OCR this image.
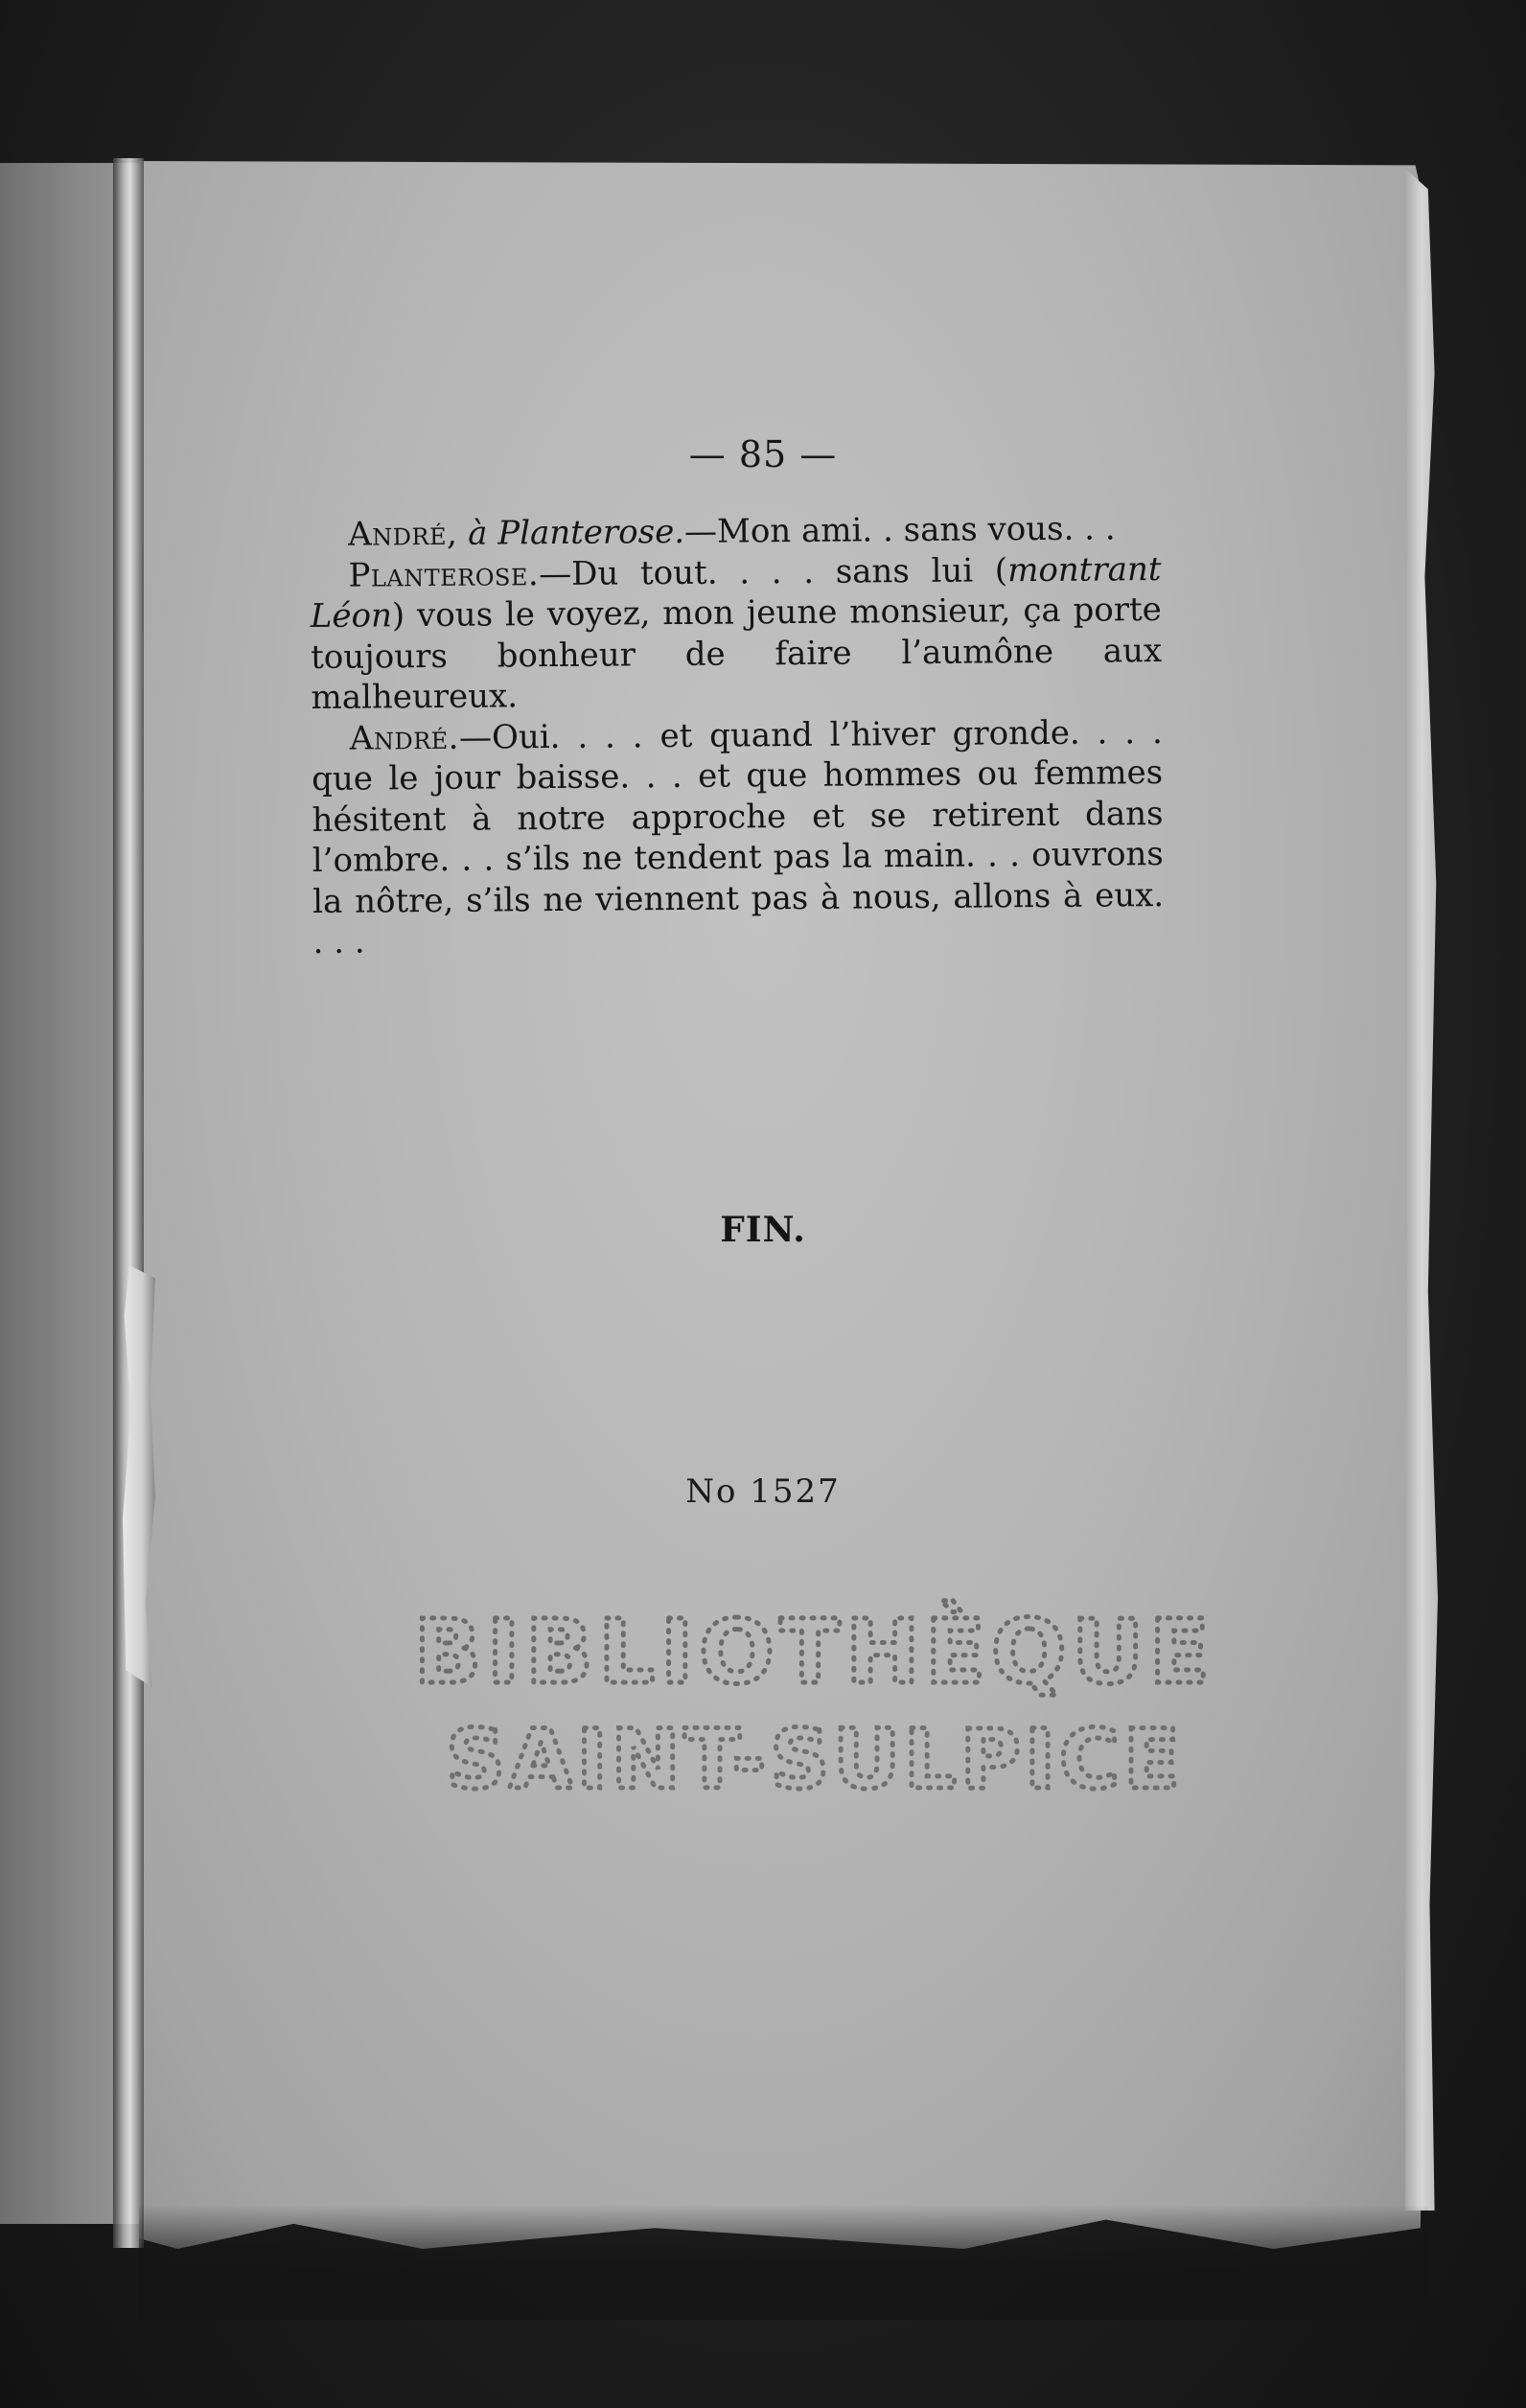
— 85 —

André, à Planterose.—Mon ami. . sans vous. . .

Planterose.—Du tout. . . . sans lui (montrant Léon) vous le voyez, mon jeune monsieur, ça porte toujours bonheur de faire l’aumône aux malheureux.

André.—Oui. . . . et quand l’hiver gronde. . . . que le jour baisse. . . et que hommes ou femmes hésitent à notre approche et se retirent dans l’ombre. . . s’ils ne tendent pas la main. . . ouvrons la nôtre, s’ils ne viennent pas à nous, allons à eux. . . .

FIN.
No 1527
BIBLIOTHÈQUE
SAINT-SULPICE
